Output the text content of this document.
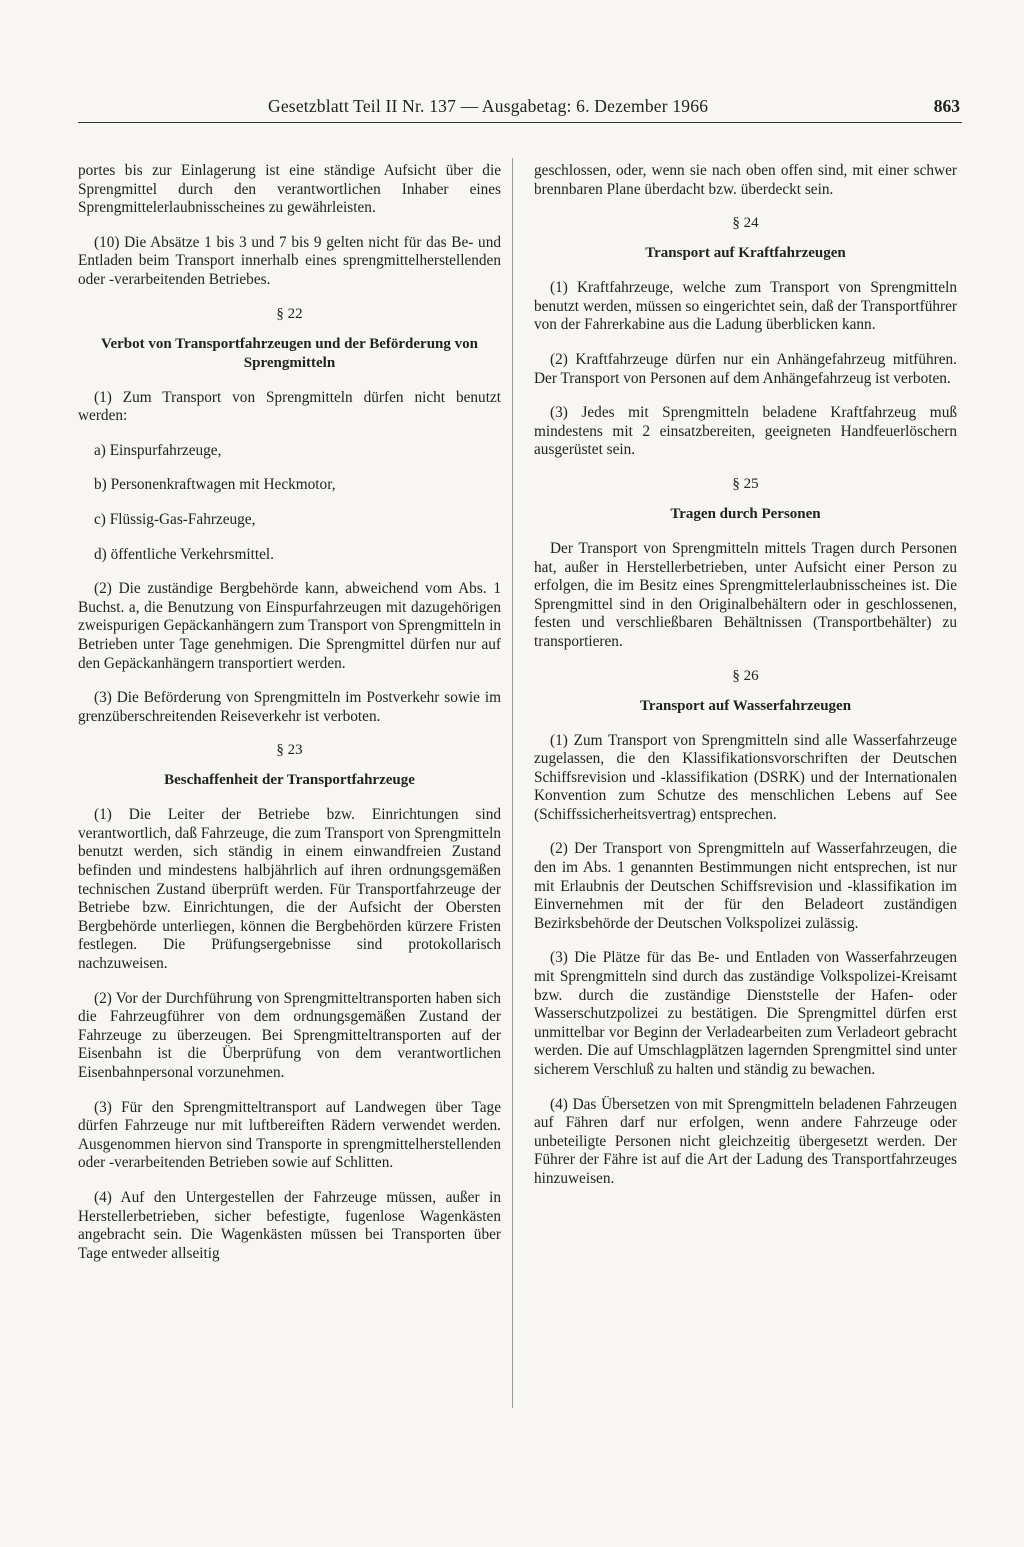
Gesetzblatt Teil II Nr. 137 — Ausgabetag: 6. Dezember 1966	863

portes bis zur Einlagerung ist eine ständige Aufsicht über die Sprengmittel durch den verantwortlichen Inhaber eines Sprengmittelerlaubnisscheines zu gewährleisten.

(10) Die Absätze 1 bis 3 und 7 bis 9 gelten nicht für das Be- und Entladen beim Transport innerhalb eines sprengmittelherstellenden oder -verarbeitenden Betriebes.

§ 22
Verbot von Transportfahrzeugen und der Beförderung von Sprengmitteln

(1) Zum Transport von Sprengmitteln dürfen nicht benutzt werden:

a) Einspurfahrzeuge,
b) Personenkraftwagen mit Heckmotor,
c) Flüssig-Gas-Fahrzeuge,
d) öffentliche Verkehrsmittel.

(2) Die zuständige Bergbehörde kann, abweichend vom Abs. 1 Buchst. a, die Benutzung von Einspurfahrzeugen mit dazugehörigen zweispurigen Gepäckanhängern zum Transport von Sprengmitteln in Betrieben unter Tage genehmigen. Die Sprengmittel dürfen nur auf den Gepäckanhängern transportiert werden.

(3) Die Beförderung von Sprengmitteln im Postverkehr sowie im grenzüberschreitenden Reiseverkehr ist verboten.

§ 23
Beschaffenheit der Transportfahrzeuge

(1) Die Leiter der Betriebe bzw. Einrichtungen sind verantwortlich, daß Fahrzeuge, die zum Transport von Sprengmitteln benutzt werden, sich ständig in einem einwandfreien Zustand befinden und mindestens halbjährlich auf ihren ordnungsgemäßen technischen Zustand überprüft werden. Für Transportfahrzeuge der Betriebe bzw. Einrichtungen, die der Aufsicht der Obersten Bergbehörde unterliegen, können die Bergbehörden kürzere Fristen festlegen. Die Prüfungsergebnisse sind protokollarisch nachzuweisen.

(2) Vor der Durchführung von Sprengmitteltransporten haben sich die Fahrzeugführer von dem ordnungsgemäßen Zustand der Fahrzeuge zu überzeugen. Bei Sprengmitteltransporten auf der Eisenbahn ist die Überprüfung von dem verantwortlichen Eisenbahnpersonal vorzunehmen.

(3) Für den Sprengmitteltransport auf Landwegen über Tage dürfen Fahrzeuge nur mit luftbereiften Rädern verwendet werden. Ausgenommen hiervon sind Transporte in sprengmittelherstellenden oder -verarbeitenden Betrieben sowie auf Schlitten.

(4) Auf den Untergestellen der Fahrzeuge müssen, außer in Herstellerbetrieben, sicher befestigte, fugenlose Wagenkästen angebracht sein. Die Wagenkästen müssen bei Transporten über Tage entweder allseitig

geschlossen, oder, wenn sie nach oben offen sind, mit einer schwer brennbaren Plane überdacht bzw. überdeckt sein.

§ 24
Transport auf Kraftfahrzeugen

(1) Kraftfahrzeuge, welche zum Transport von Sprengmitteln benutzt werden, müssen so eingerichtet sein, daß der Transportführer von der Fahrerkabine aus die Ladung überblicken kann.

(2) Kraftfahrzeuge dürfen nur ein Anhängefahrzeug mitführen. Der Transport von Personen auf dem Anhängefahrzeug ist verboten.

(3) Jedes mit Sprengmitteln beladene Kraftfahrzeug muß mindestens mit 2 einsatzbereiten, geeigneten Handfeuerlöschern ausgerüstet sein.

§ 25
Tragen durch Personen

Der Transport von Sprengmitteln mittels Tragen durch Personen hat, außer in Herstellerbetrieben, unter Aufsicht einer Person zu erfolgen, die im Besitz eines Sprengmittelerlaubnisscheines ist. Die Sprengmittel sind in den Originalbehältern oder in geschlossenen, festen und verschließbaren Behältnissen (Transportbehälter) zu transportieren.

§ 26
Transport auf Wasserfahrzeugen

(1) Zum Transport von Sprengmitteln sind alle Wasserfahrzeuge zugelassen, die den Klassifikationsvorschriften der Deutschen Schiffsrevision und -klassifikation (DSRK) und der Internationalen Konvention zum Schutze des menschlichen Lebens auf See (Schiffssicherheitsvertrag) entsprechen.

(2) Der Transport von Sprengmitteln auf Wasserfahrzeugen, die den im Abs. 1 genannten Bestimmungen nicht entsprechen, ist nur mit Erlaubnis der Deutschen Schiffsrevision und -klassifikation im Einvernehmen mit der für den Beladeort zuständigen Bezirksbehörde der Deutschen Volkspolizei zulässig.

(3) Die Plätze für das Be- und Entladen von Wasserfahrzeugen mit Sprengmitteln sind durch das zuständige Volkspolizei-Kreisamt bzw. durch die zuständige Dienststelle der Hafen- oder Wasserschutzpolizei zu bestätigen. Die Sprengmittel dürfen erst unmittelbar vor Beginn der Verladearbeiten zum Verladeort gebracht werden. Die auf Umschlagplätzen lagernden Sprengmittel sind unter sicherem Verschluß zu halten und ständig zu bewachen.

(4) Das Übersetzen von mit Sprengmitteln beladenen Fahrzeugen auf Fähren darf nur erfolgen, wenn andere Fahrzeuge oder unbeteiligte Personen nicht gleichzeitig übergesetzt werden. Der Führer der Fähre ist auf die Art der Ladung des Transportfahrzeuges hinzuweisen.
